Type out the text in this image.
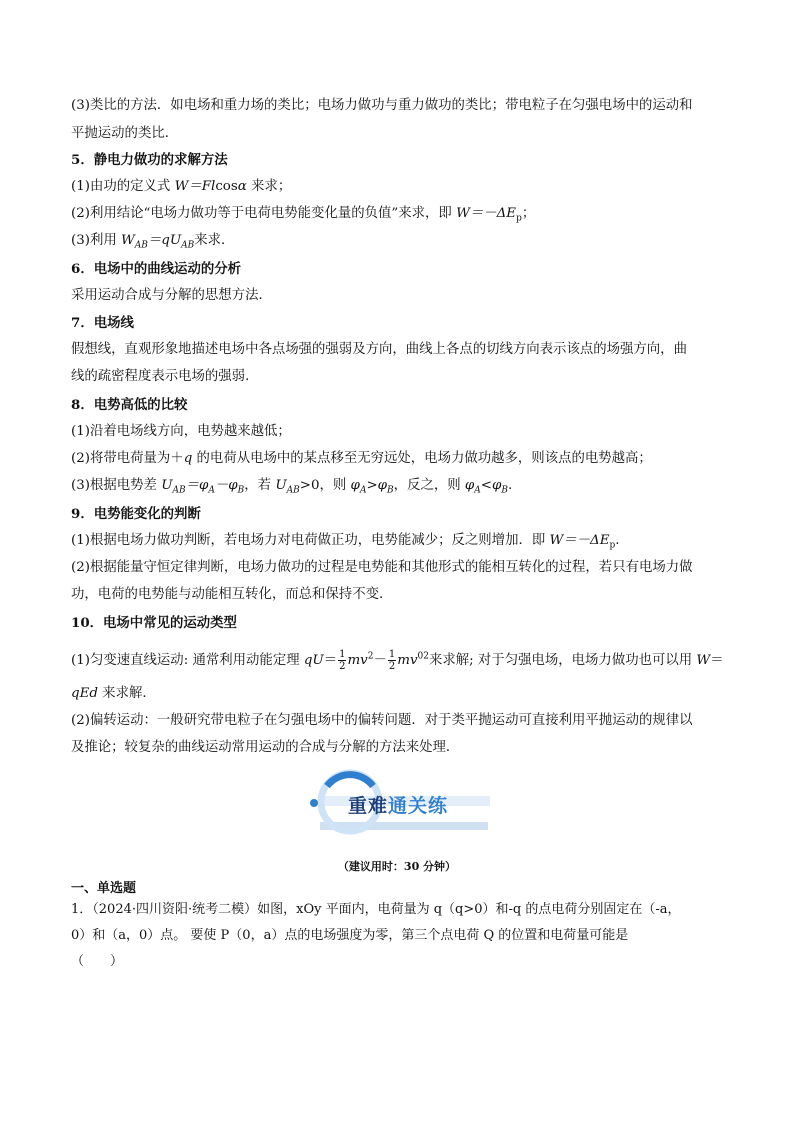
(3)类比的方法．如电场和重力场的类比；电场力做功与重力做功的类比；带电粒子在匀强电场中的运动和
平抛运动的类比．
5．静电力做功的求解方法
(1)由功的定义式 W＝Flcosα 来求；
(2)利用结论“电场力做功等于电荷电势能变化量的负值”来求，即 $W=-\Delta E_p$；
(3)利用 $W_{AB}=qU_{AB}$来求．
6．电场中的曲线运动的分析
采用运动合成与分解的思想方法．
7．电场线
假想线，直观形象地描述电场中各点场强的强弱及方向，曲线上各点的切线方向表示该点的场强方向，曲
线的疏密程度表示电场的强弱．
8．电势高低的比较
(1)沿着电场线方向，电势越来越低；
(2)将带电荷量为＋q 的电荷从电场中的某点移至无穷远处，电场力做功越多，则该点的电势越高；
(3)根据电势差 $U_{AB}=\varphi_A-\varphi_B$，若 $U_{AB}>0$，则 $\varphi_A>\varphi_B$，反之，则 $\varphi_A<\varphi_B$.
9．电势能变化的判断
(1)根据电场力做功判断，若电场力对电荷做正功，电势能减少；反之则增加．即 $W=-\Delta E_p$.
(2)根据能量守恒定律判断，电场力做功的过程是电势能和其他形式的能相互转化的过程，若只有电场力做
功，电荷的电势能与动能相互转化，而总和保持不变．
10．电场中常见的运动类型
(1)匀变速直线运动: 通常利用动能定理 $qU= \frac{1}{2} mv^2- \frac{1}{2} mv^{02}$来求解; 对于匀强电场，电场力做功也可以用 W＝
qEd 来求解．
(2)偏转运动：一般研究带电粒子在匀强电场中的偏转问题．对于类平抛运动可直接利用平抛运动的规律以
及推论；较复杂的曲线运动常用运动的合成与分解的方法来处理．
重难通关练
（建议用时：30 分钟）
一、单选题
1．（2024·四川资阳·统考二模）如图，xOy 平面内，电荷量为 q（q>0）和-q 的点电荷分别固定在（-a，
0）和（a，0）点。 要使 P（0，a）点的电场强度为零，第三个点电荷 Q 的位置和电荷量可能是
（　　）
